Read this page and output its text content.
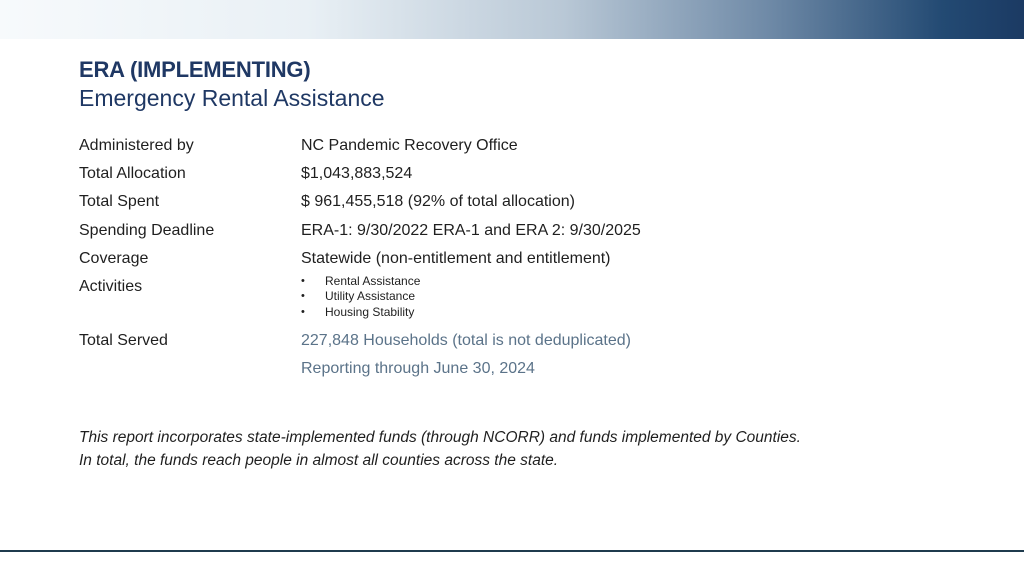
ERA (IMPLEMENTING)
Emergency Rental Assistance
Administered by	NC Pandemic Recovery Office
Total Allocation	$1,043,883,524
Total Spent	$ 961,455,518 (92% of total allocation)
Spending Deadline	ERA-1: 9/30/2022 ERA-1 and ERA 2: 9/30/2025
Coverage	Statewide (non-entitlement and entitlement)
Activities	• Rental Assistance
• Utility Assistance
• Housing Stability
Total Served	227,848 Households (total is not deduplicated)
Reporting through June 30, 2024

This report incorporates state-implemented funds (through NCORR) and funds implemented by Counties.

In total, the funds reach people in almost all counties across the state.
